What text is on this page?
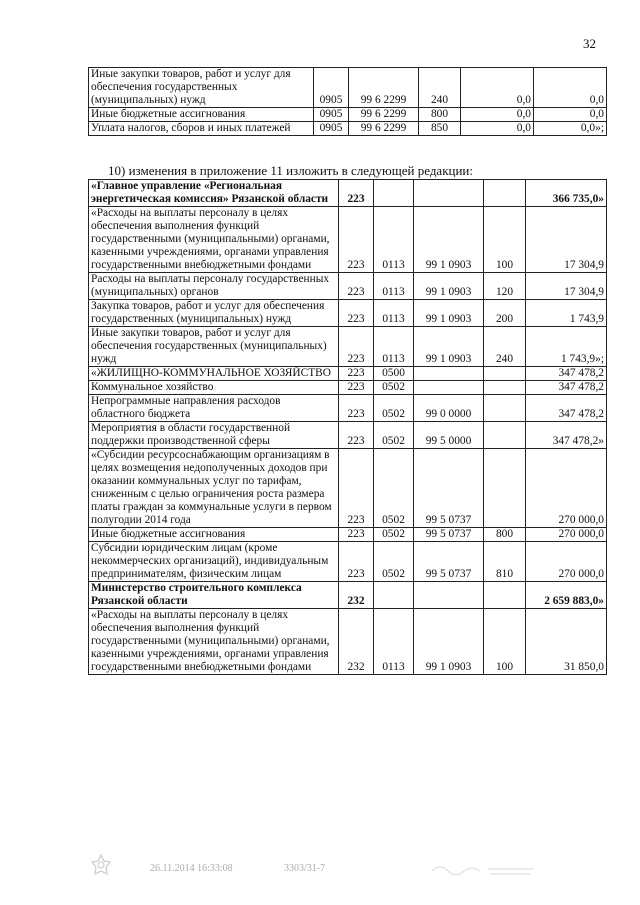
32
Иные закупки товаров, работ и услуг для обеспечения государственных (муниципальных) нужд	0905	99 6 2299	240	0,0	0,0
Иные бюджетные ассигнования	0905	99 6 2299	800	0,0	0,0
Уплата налогов, сборов и иных платежей	0905	99 6 2299	850	0,0	0,0»;
10) изменения в приложение 11 изложить в следующей редакции:
«Главное управление «Региональная энергетическая комиссия» Рязанской области	223				366 735,0»
«Расходы на выплаты персоналу в целях обеспечения выполнения функций государственными (муниципальными) органами, казенными учреждениями, органами управления государственными внебюджетными фондами	223	0113	99 1 0903	100	17 304,9
Расходы на выплаты персоналу государственных (муниципальных) органов	223	0113	99 1 0903	120	17 304,9
Закупка товаров, работ и услуг для обеспечения государственных (муниципальных) нужд	223	0113	99 1 0903	200	1 743,9
Иные закупки товаров, работ и услуг для обеспечения государственных (муниципальных) нужд	223	0113	99 1 0903	240	1 743,9»;
«ЖИЛИЩНО-КОММУНАЛЬНОЕ ХОЗЯЙСТВО	223	0500			347 478,2
Коммунальное хозяйство	223	0502			347 478,2
Непрограммные направления расходов областного бюджета	223	0502	99 0 0000		347 478,2
Мероприятия в области государственной поддержки производственной сферы	223	0502	99 5 0000		347 478,2»
«Субсидии ресурсоснабжающим организациям в целях возмещения недополученных доходов при оказании коммунальных услуг по тарифам, сниженным с целью ограничения роста размера платы граждан за коммунальные услуги в первом полугодии 2014 года	223	0502	99 5 0737		270 000,0
Иные бюджетные ассигнования	223	0502	99 5 0737	800	270 000,0
Субсидии юридическим лицам (кроме некоммерческих организаций), индивидуальным предпринимателям, физическим лицам	223	0502	99 5 0737	810	270 000,0
Министерство строительного комплекса Рязанской области	232				2 659 883,0»
«Расходы на выплаты персоналу в целях обеспечения выполнения функций государственными (муниципальными) органами, казенными учреждениями, органами управления государственными внебюджетными фондами	232	0113	99 1 0903	100	31 850,0
26.11.2014 16:33:08	3303/31-7
